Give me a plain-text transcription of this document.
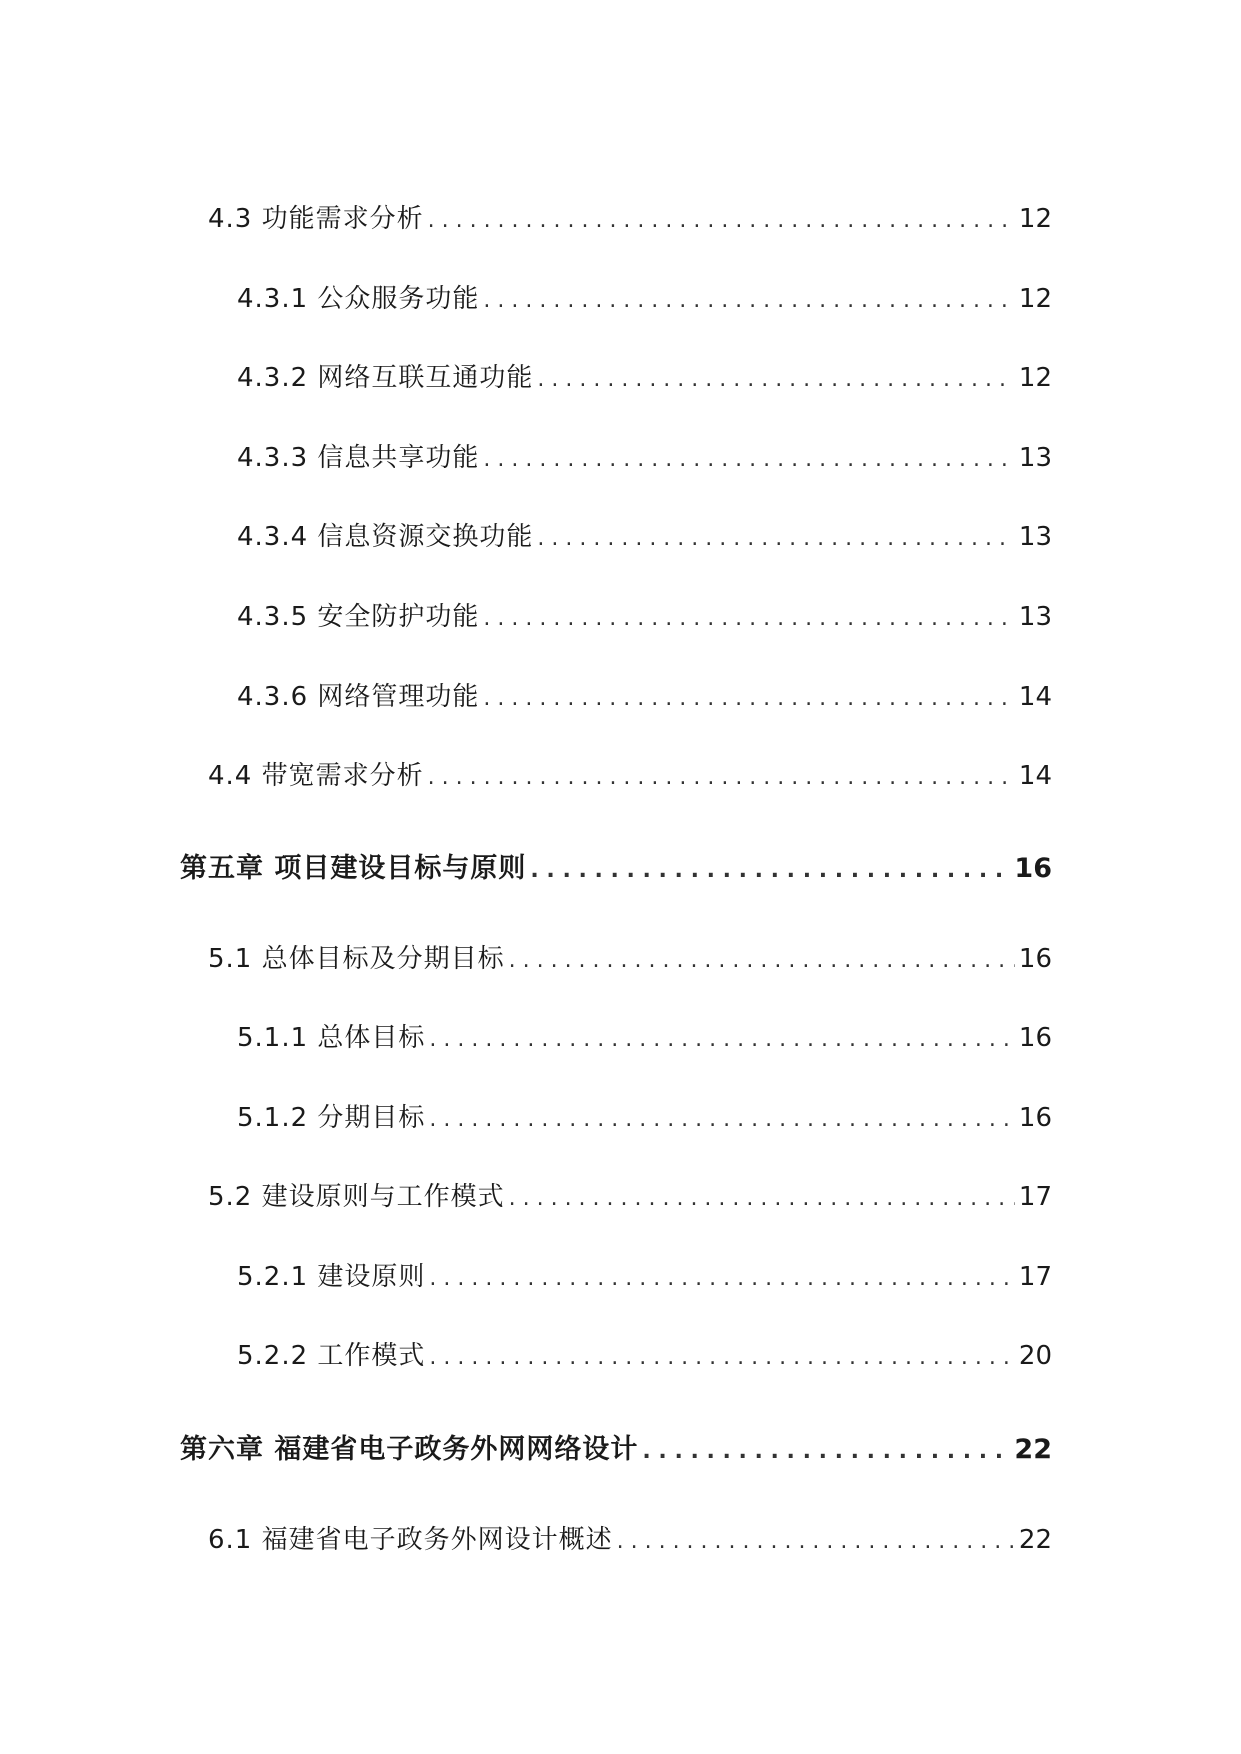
4.3 功能需求分析 . . .	12
4.3.1 公众服务功能 . . .	12
4.3.2 网络互联互通功能 . . .	12
4.3.3 信息共享功能 . . .	13
4.3.4 信息资源交换功能 . . .	13
4.3.5 安全防护功能 . . .	13
4.3.6 网络管理功能 . . .	14
4.4 带宽需求分析 . . .	14
第五章 项目建设目标与原则 . . .	16
5.1 总体目标及分期目标 . . .	16
5.1.1 总体目标 . . .	16
5.1.2 分期目标 . . .	16
5.2 建设原则与工作模式 . . .	17
5.2.1 建设原则 . . .	17
5.2.2 工作模式 . . .	20
第六章 福建省电子政务外网网络设计 . . .	22
6.1 福建省电子政务外网设计概述 . . .	22
